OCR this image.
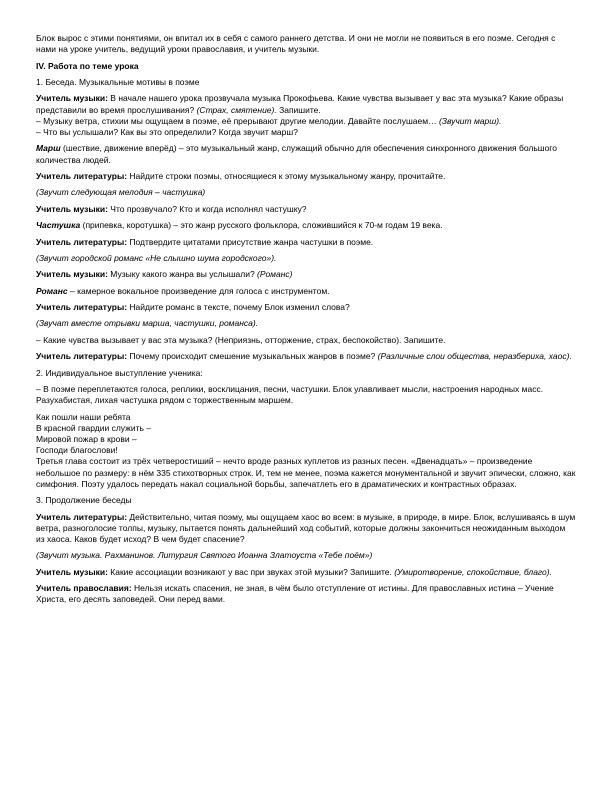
Блок вырос с этими понятиями, он впитал их в себя с самого раннего детства. И они не могли не появиться в его поэме. Сегодня с нами на уроке учитель, ведущий уроки православия, и учитель музыки.

IV. Работа по теме урока

1. Беседа. Музыкальные мотивы в поэме

Учитель музыки: В начале нашего урока прозвучала музыка Прокофьева. Какие чувства вызывает у вас эта музыка? Какие образы представили во время прослушивания? (Страх, смятение). Запишите.
– Музыку ветра, стихии мы ощущаем в поэме, её прерывают другие мелодии. Давайте послушаем… (Звучит марш).
– Что вы услышали? Как вы это определили? Когда звучит марш?

Марш (шествие, движение вперёд) – это музыкальный жанр, служащий обычно для обеспечения синхронного движения большого количества людей.

Учитель литературы: Найдите строки поэмы, относящиеся к этому музыкальному жанру, прочитайте.

(Звучит следующая мелодия – частушка)

Учитель музыки: Что прозвучало? Кто и когда исполнял частушку?

Частушка (припевка, коротушка) – это жанр русского фольклора, сложившийся к 70-м годам 19 века.

Учитель литературы: Подтвердите цитатами присутствие жанра частушки в поэме.

(Звучит городской романс «Не слышно шума городского»).

Учитель музыки: Музыку какого жанра вы услышали? (Романс)

Романс – камерное вокальное произведение для голоса с инструментом.

Учитель литературы: Найдите романс в тексте, почему Блок изменил слова?

(Звучат вместе отрывки марша, частушки, романса).

– Какие чувства вызывает у вас эта музыка? (Неприязнь, отторжение, страх, беспокойство). Запишите.

Учитель литературы: Почему происходит смешение музыкальных жанров в поэме? (Различные слои общества, неразбериха, хаос).

2. Индивидуальное выступление ученика:

– В поэме переплетаются голоса, реплики, восклицания, песни, частушки. Блок улавливает мысли, настроения народных масс. Разухабистая, лихая частушка рядом с торжественным маршем.

Как пошли наши ребята

В красной гвардии служить –

Мировой пожар в крови –

Господи благослови!

Третья глава состоит из трёх четверостиший – нечто вроде разных куплетов из разных песен. «Двенадцать» – произведение небольшое по размеру: в нём 335 стихотворных строк. И, тем не менее, поэма кажется монументальной и звучит эпически, сложно, как симфония. Поэту удалось передать накал социальной борьбы, запечатлеть его в драматических и контрастных образах.

3. Продолжение беседы

Учитель литературы: Действительно, читая поэму, мы ощущаем хаос во всем: в музыке, в природе, в мире. Блок, вслушиваясь в шум ветра, разноголосие толпы, музыку, пытается понять дальнейший ход событий, которые должны закончиться неожиданным выходом из хаоса. Каков будет исход? В чем будет спасение?

(Звучит музыка. Рахманинов. Литургия Святого Иоанна Златоуста «Тебе поём»)

Учитель музыки: Какие ассоциации возникают у вас при звуках этой музыки? Запишите. (Умиротворение, спокойствие, благо).

Учитель православия: Нельзя искать спасения, не зная, в чём было отступление от истины. Для православных истина – Учение Христа, его десять заповедей. Они перед вами.
